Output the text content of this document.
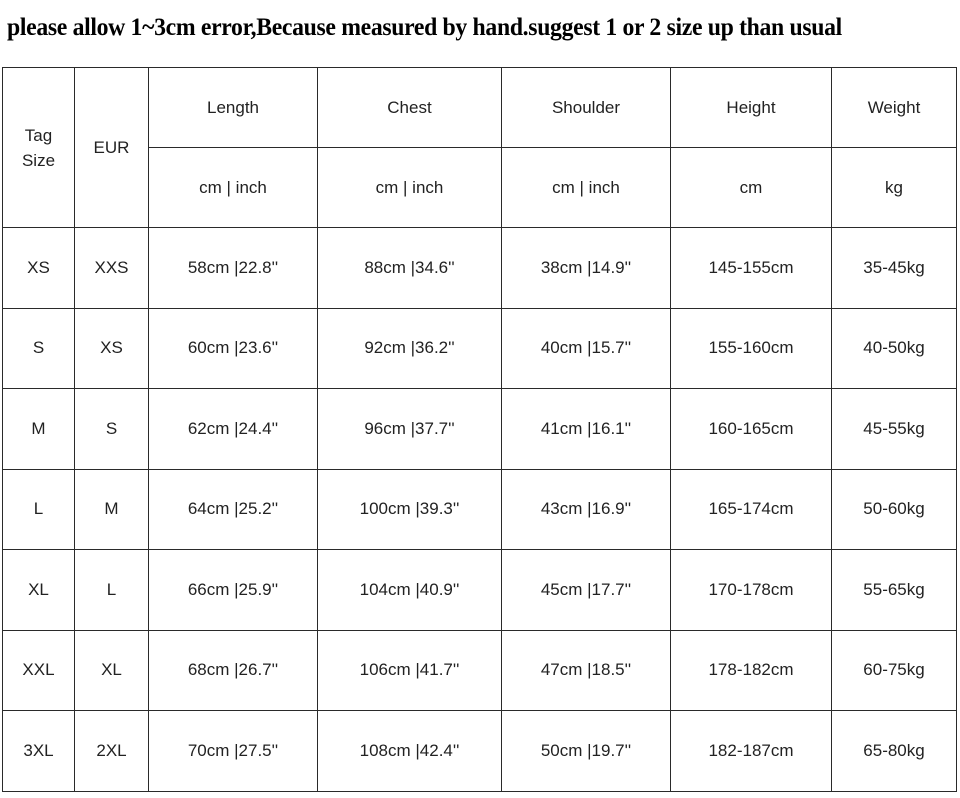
please allow 1~3cm error,Because measured by hand.suggest 1 or 2 size up than usual
Tag
Size	EUR	Length	Chest	Shoulder	Height	Weight
		cm | inch	cm | inch	cm | inch	cm	kg
XS	XXS	58cm |22.8''	88cm |34.6''	38cm |14.9''	145-155cm	35-45kg
S	XS	60cm |23.6''	92cm |36.2''	40cm |15.7''	155-160cm	40-50kg
M	S	62cm |24.4''	96cm |37.7''	41cm |16.1''	160-165cm	45-55kg
L	M	64cm |25.2''	100cm |39.3''	43cm |16.9''	165-174cm	50-60kg
XL	L	66cm |25.9''	104cm |40.9''	45cm |17.7''	170-178cm	55-65kg
XXL	XL	68cm |26.7''	106cm |41.7''	47cm |18.5''	178-182cm	60-75kg
3XL	2XL	70cm |27.5''	108cm |42.4''	50cm |19.7''	182-187cm	65-80kg
